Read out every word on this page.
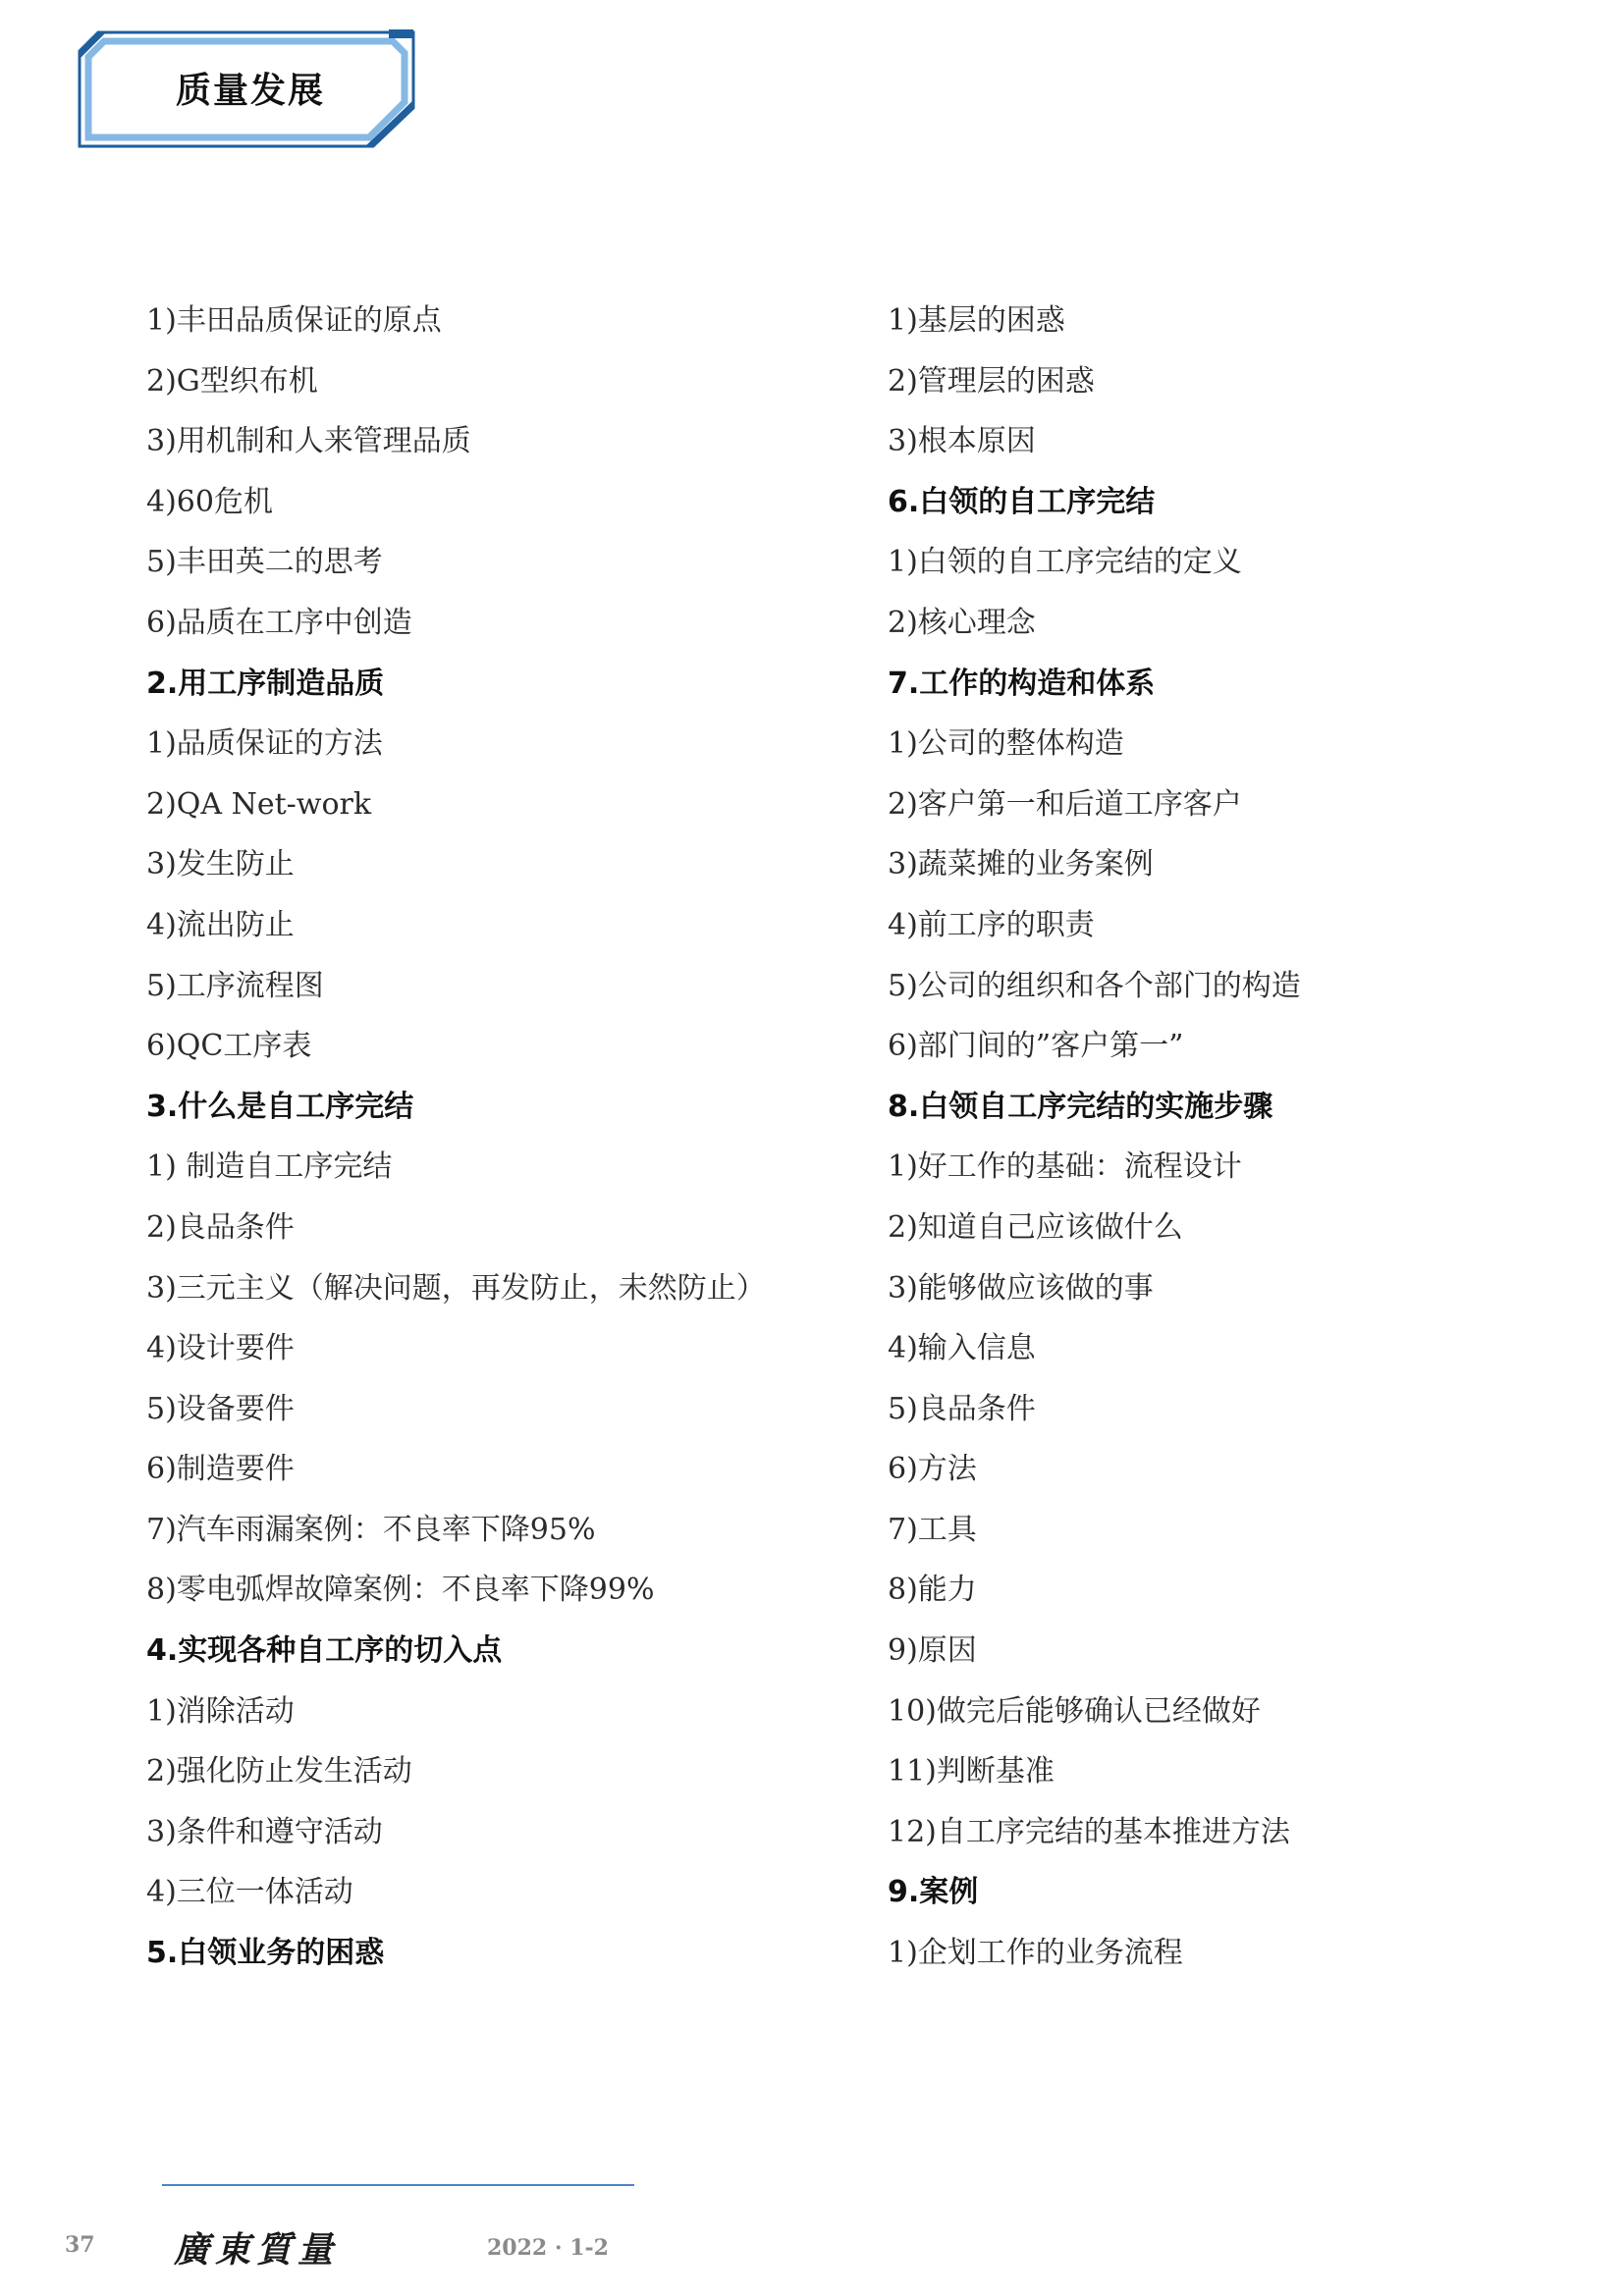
质量发展
1)丰田品质保证的原点
2)G型织布机
3)用机制和人来管理品质
4)60危机
5)丰田英二的思考
6)品质在工序中创造
2.用工序制造品质
1)品质保证的方法
2)QA Net-work
3)发生防止
4)流出防止
5)工序流程图
6)QC工序表
3.什么是自工序完结
1) 制造自工序完结
2)良品条件
3)三元主义（解决问题，再发防止，未然防止）
4)设计要件
5)设备要件
6)制造要件
7)汽车雨漏案例：不良率下降95%
8)零电弧焊故障案例：不良率下降99%
4.实现各种自工序的切入点
1)消除活动
2)强化防止发生活动
3)条件和遵守活动
4)三位一体活动
5.白领业务的困惑
1)基层的困惑
2)管理层的困惑
3)根本原因
6.白领的自工序完结
1)白领的自工序完结的定义
2)核心理念
7.工作的构造和体系
1)公司的整体构造
2)客户第一和后道工序客户
3)蔬菜摊的业务案例
4)前工序的职责
5)公司的组织和各个部门的构造
6)部门间的”客户第一”
8.白领自工序完结的实施步骤
1)好工作的基础：流程设计
2)知道自己应该做什么
3)能够做应该做的事
4)输入信息
5)良品条件
6)方法
7)工具
8)能力
9)原因
10)做完后能够确认已经做好
11)判断基准
12)自工序完结的基本推进方法
9.案例
1)企划工作的业务流程
37 廣東質量	2022 · 1-2
